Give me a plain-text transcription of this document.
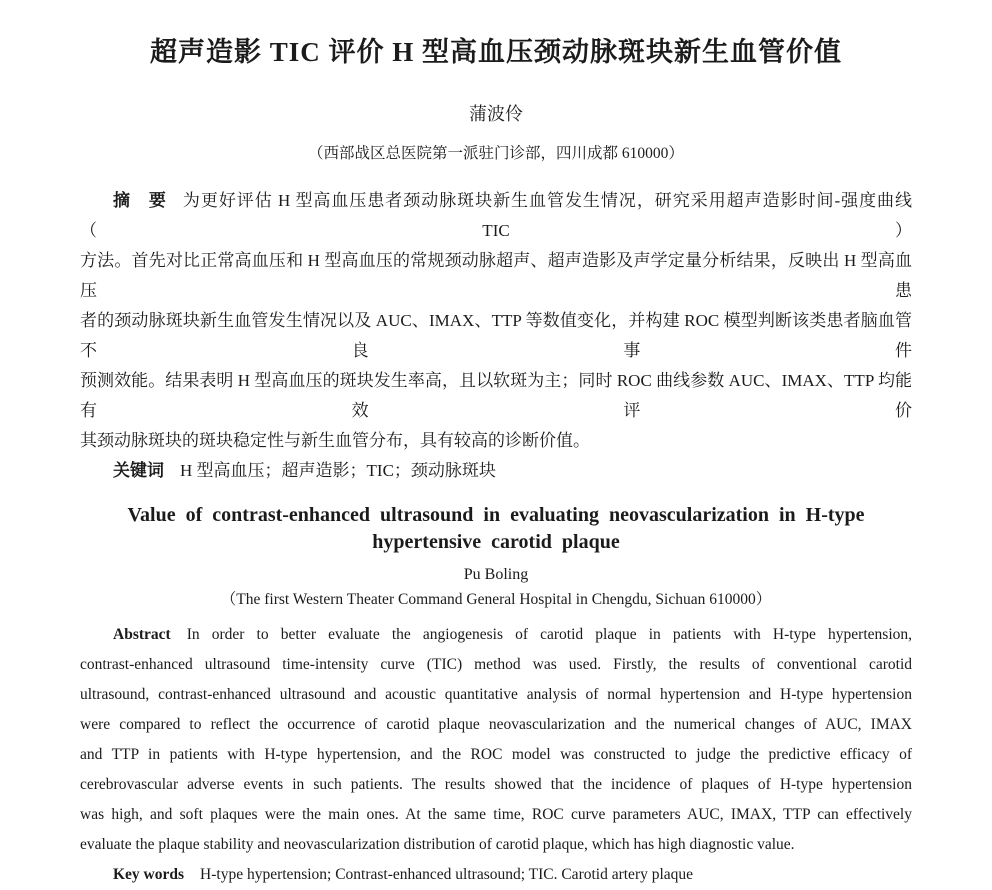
超声造影 TIC 评价 H 型高血压颈动脉斑块新生血管价值
蒲波伶
（西部战区总医院第一派驻门诊部，四川成都 610000）
摘　要 为更好评估 H 型高血压患者颈动脉斑块新生血管发生情况，研究采用超声造影时间-强度曲线（TIC）
方法。首先对比正常高血压和 H 型高血压的常规颈动脉超声、超声造影及声学定量分析结果，反映出 H 型高血压患
者的颈动脉斑块新生血管发生情况以及 AUC、IMAX、TTP 等数值变化，并构建 ROC 模型判断该类患者脑血管不良事件
预测效能。结果表明 H 型高血压的斑块发生率高，且以软斑为主；同时 ROC 曲线参数 AUC、IMAX、TTP 均能有效评价
其颈动脉斑块的斑块稳定性与新生血管分布，具有较高的诊断价值。
关键词 H 型高血压；超声造影；TIC；颈动脉斑块
Value of contrast-enhanced ultrasound in evaluating neovascularization in H-type
hypertensive carotid plaque
Pu Boling
（The first Western Theater Command General Hospital in Chengdu, Sichuan 610000）
Abstract In order to better evaluate the angiogenesis of carotid plaque in patients with H-type hypertension,
contrast-enhanced ultrasound time-intensity curve (TIC) method was used. Firstly, the results of conventional carotid
ultrasound, contrast-enhanced ultrasound and acoustic quantitative analysis of normal hypertension and H-type hypertension
were compared to reflect the occurrence of carotid plaque neovascularization and the numerical changes of AUC, IMAX
and TTP in patients with H-type hypertension, and the ROC model was constructed to judge the predictive efficacy of
cerebrovascular adverse events in such patients. The results showed that the incidence of plaques of H-type hypertension
was high, and soft plaques were the main ones. At the same time, ROC curve parameters AUC, IMAX, TTP can effectively
evaluate the plaque stability and neovascularization distribution of carotid plaque, which has high diagnostic value.
Key words H-type hypertension; Contrast-enhanced ultrasound; TIC. Carotid artery plaque
